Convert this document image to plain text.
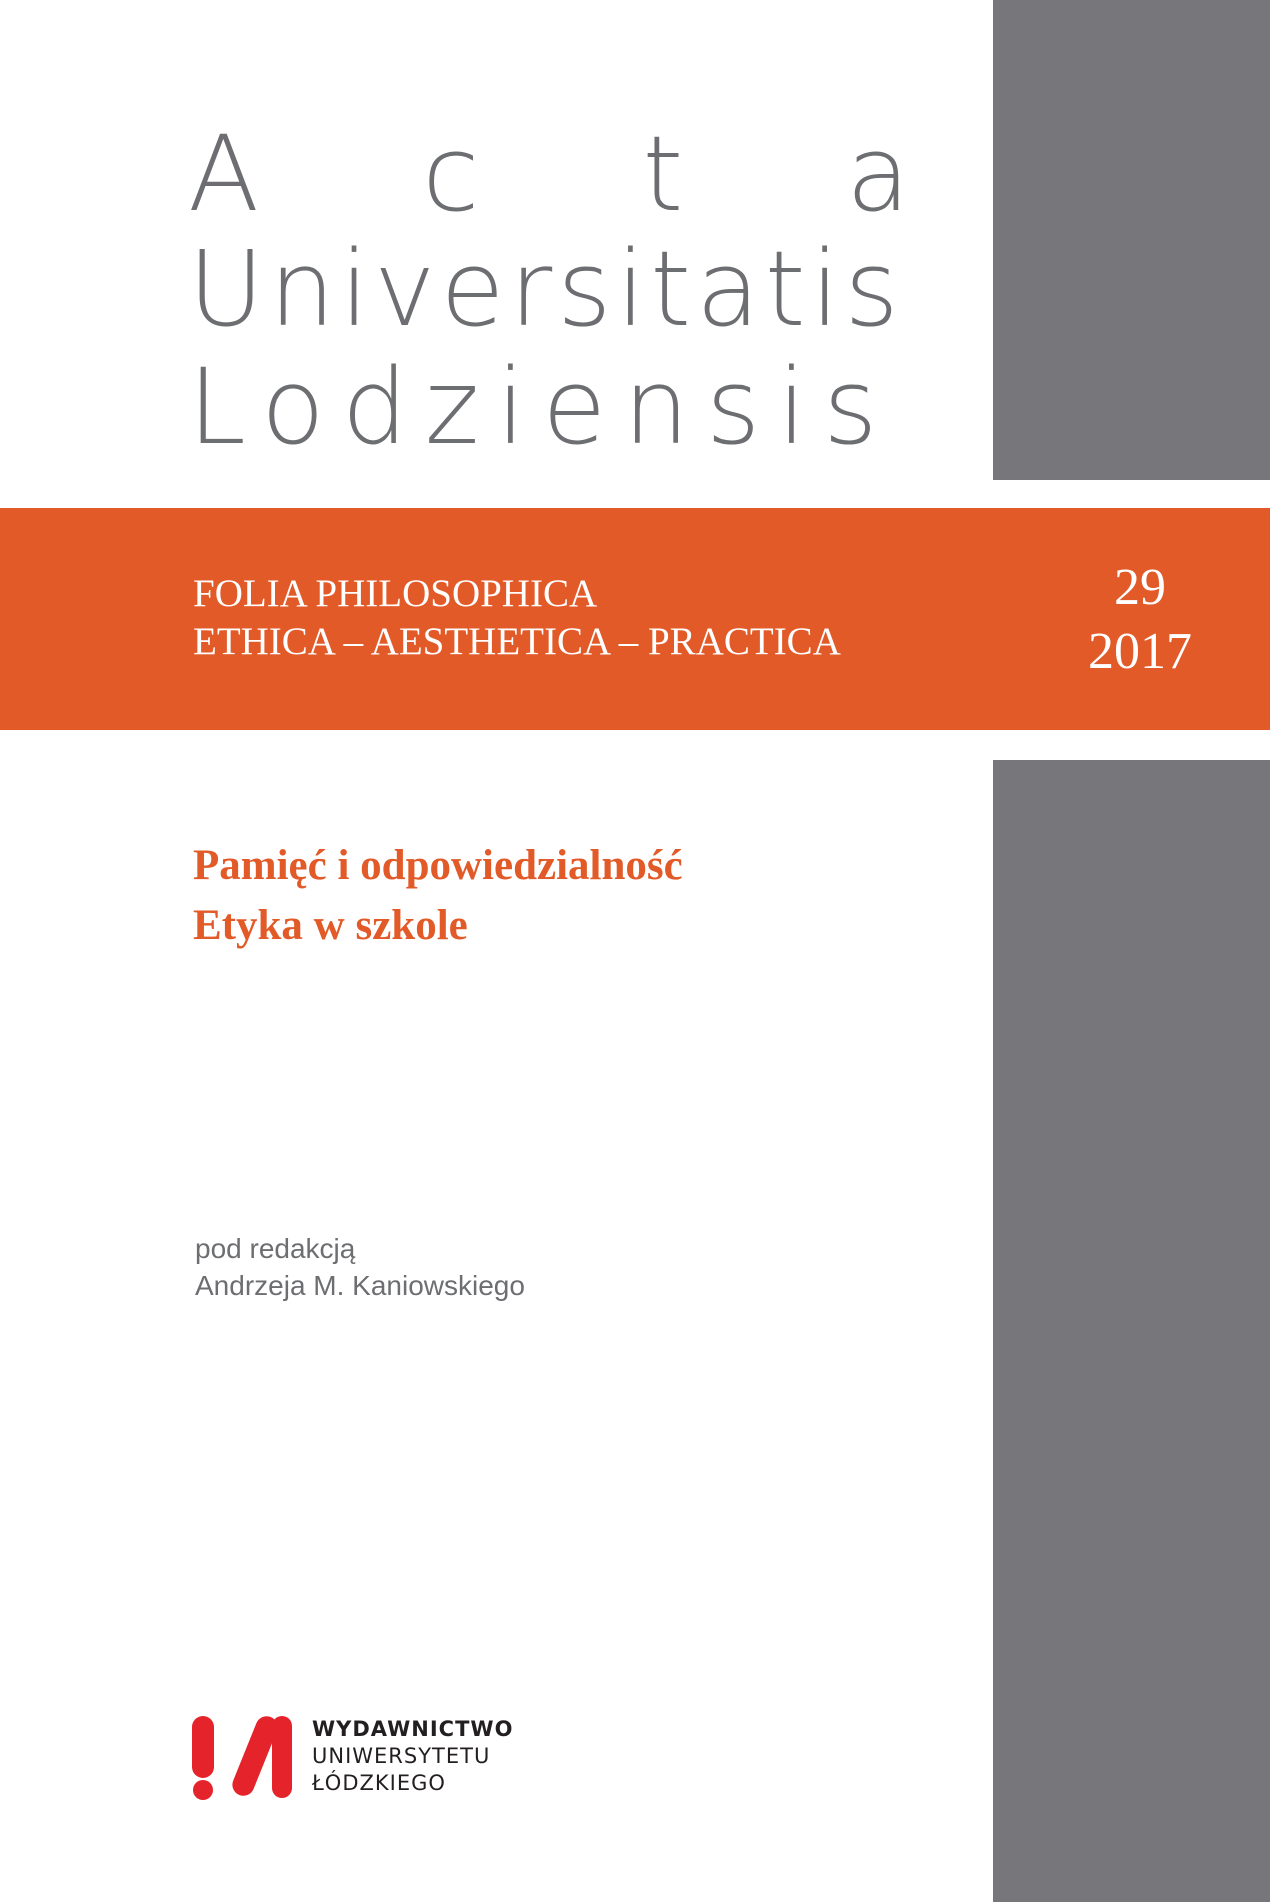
A c t a
Universitatis
Lodziensis
FOLIA PHILOSOPHICA
ETHICA – AESTHETICA – PRACTICA
29
2017
Pamięć i odpowiedzialność
Etyka w szkole
pod redakcją
Andrzeja M. Kaniowskiego
WYDAWNICTWO
UNIWERSYTETU
ŁÓDZKIEGO
